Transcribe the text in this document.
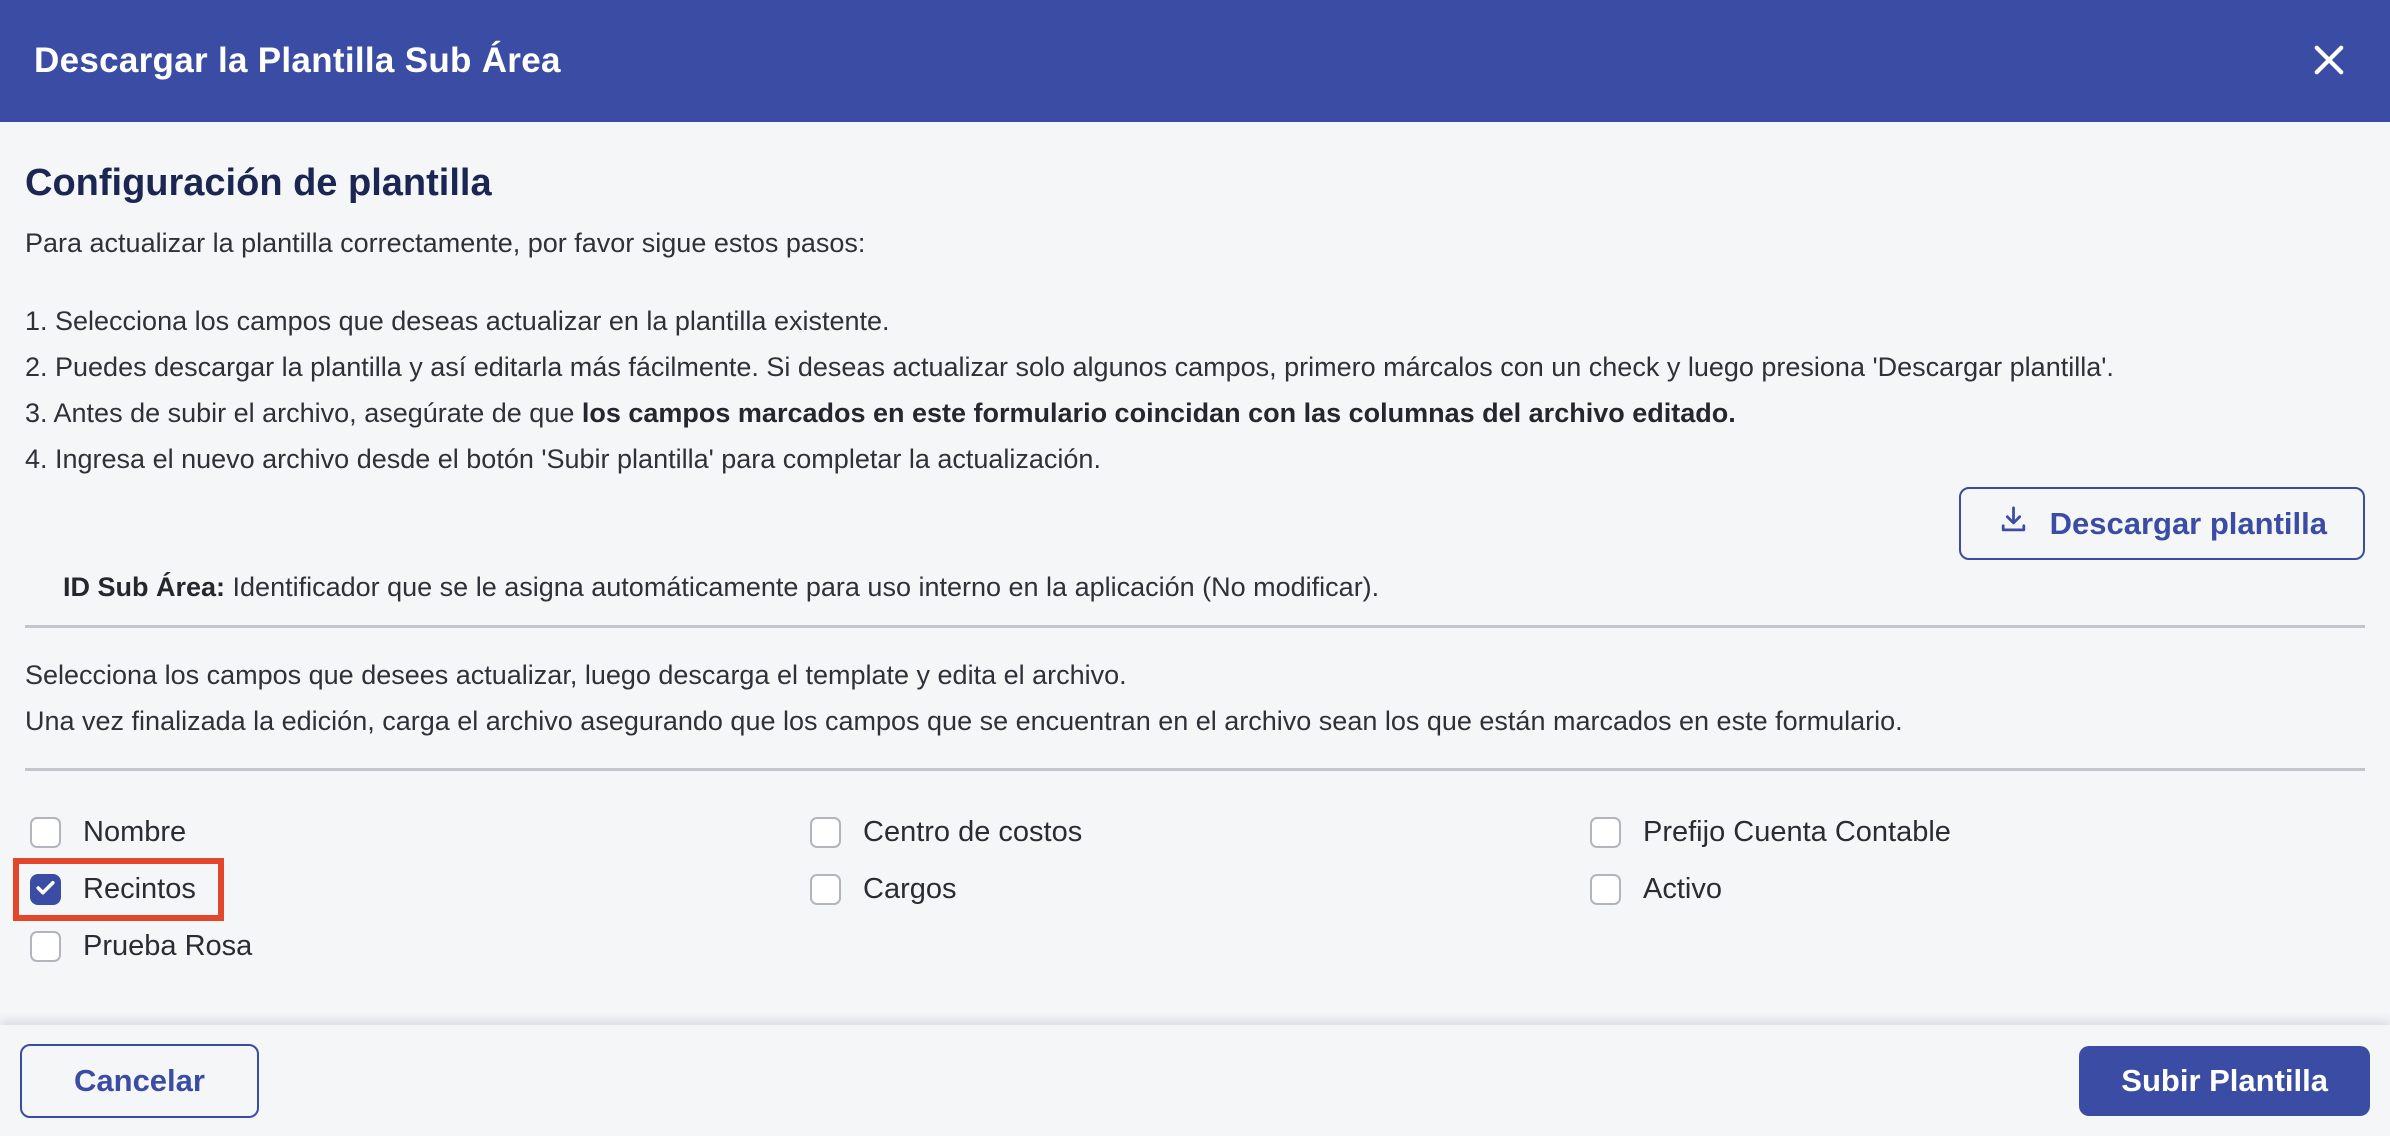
Descargar la Plantilla Sub Área
Configuración de plantilla
Para actualizar la plantilla correctamente, por favor sigue estos pasos:
1. Selecciona los campos que deseas actualizar en la plantilla existente.
2. Puedes descargar la plantilla y así editarla más fácilmente. Si deseas actualizar solo algunos campos, primero márcalos con un check y luego presiona 'Descargar plantilla'.
3. Antes de subir el archivo, asegúrate de que los campos marcados en este formulario coincidan con las columnas del archivo editado.
4. Ingresa el nuevo archivo desde el botón 'Subir plantilla' para completar la actualización.
Descargar plantilla
ID Sub Área: Identificador que se le asigna automáticamente para uso interno en la aplicación (No modificar).
Selecciona los campos que desees actualizar, luego descarga el template y edita el archivo.
Una vez finalizada la edición, carga el archivo asegurando que los campos que se encuentran en el archivo sean los que están marcados en este formulario.
Nombre
Recintos
Prueba Rosa
Centro de costos
Cargos
Prefijo Cuenta Contable
Activo
Cancelar	Subir Plantilla
